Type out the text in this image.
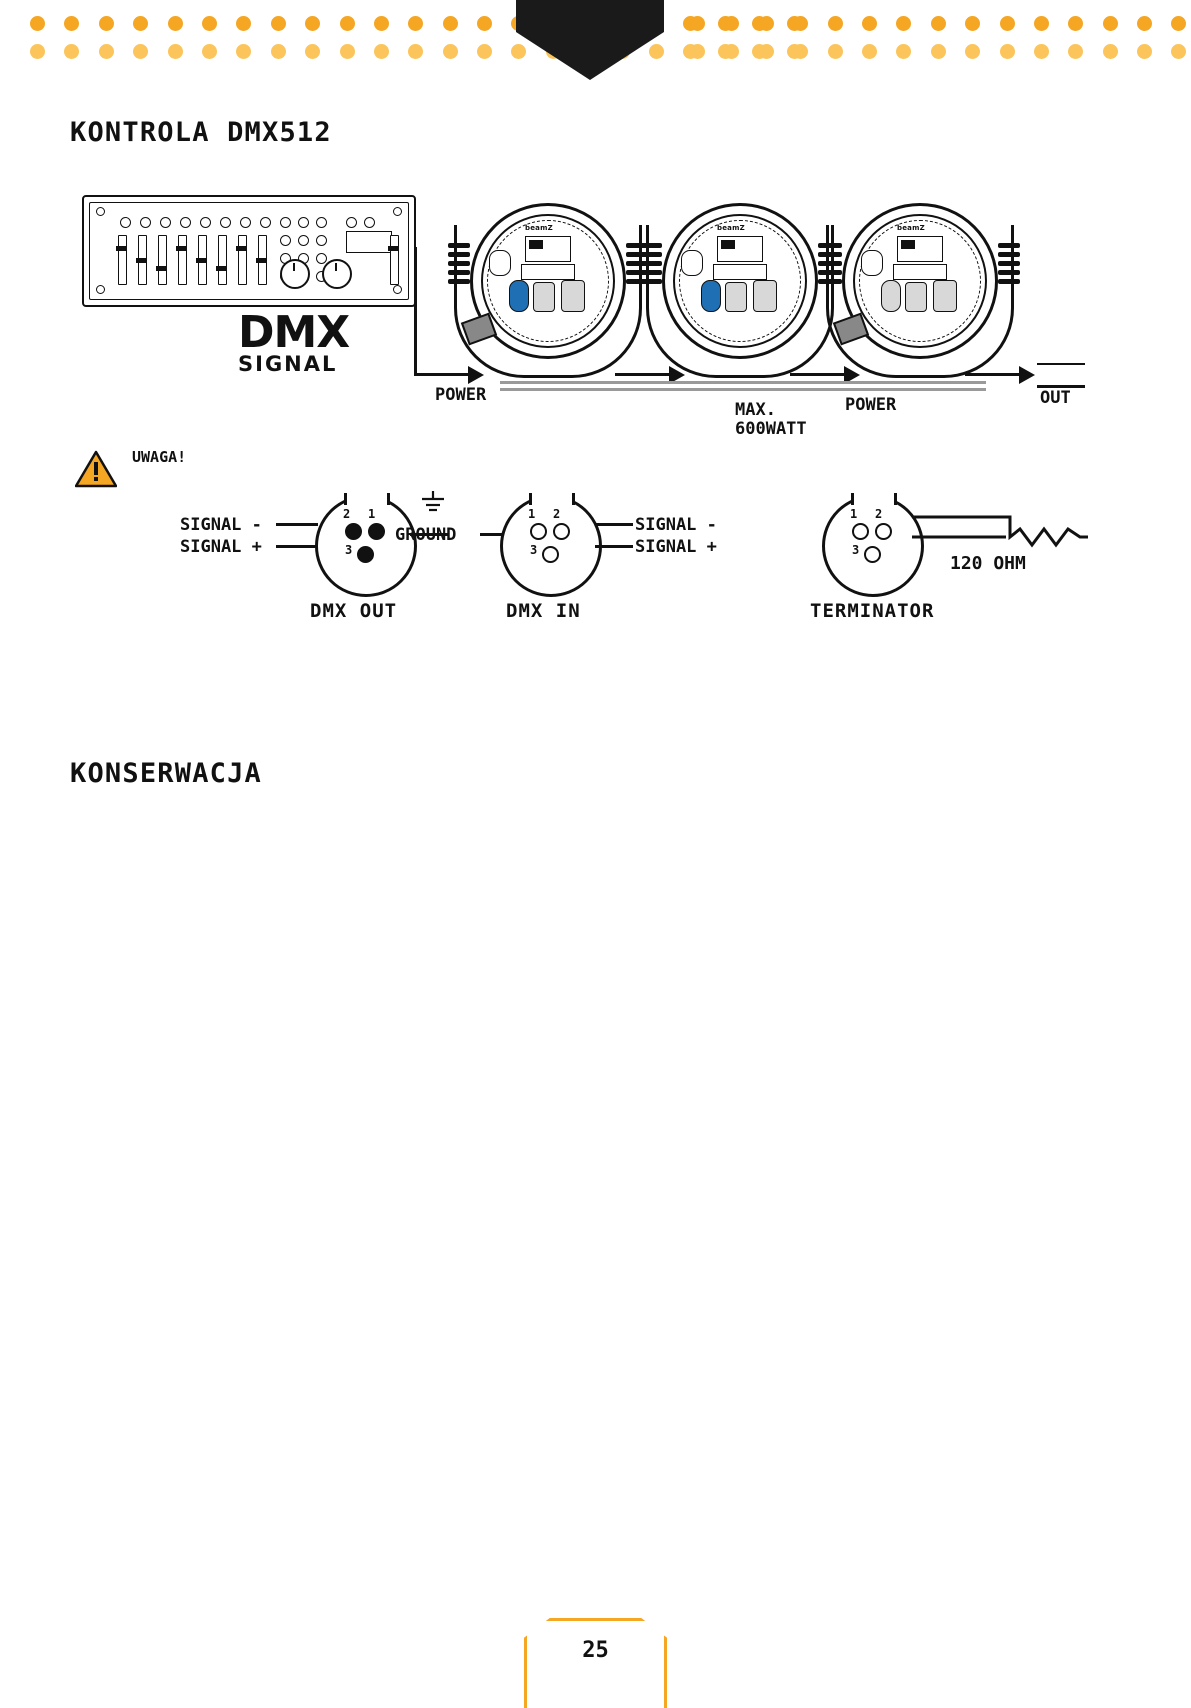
KONTROLA DMX512
KONSERWACJA
DMX
SIGNAL
beamZ	beamZ	beamZ
POWER	POWER
MAX.
600WATT
OUT
UWAGA!
1
2
3
DMX OUT
SIGNAL -
SIGNAL +
GROUND
1 2
3
DMX IN
SIGNAL -
SIGNAL +
1 2
3
TERMINATOR
120 OHM
25
